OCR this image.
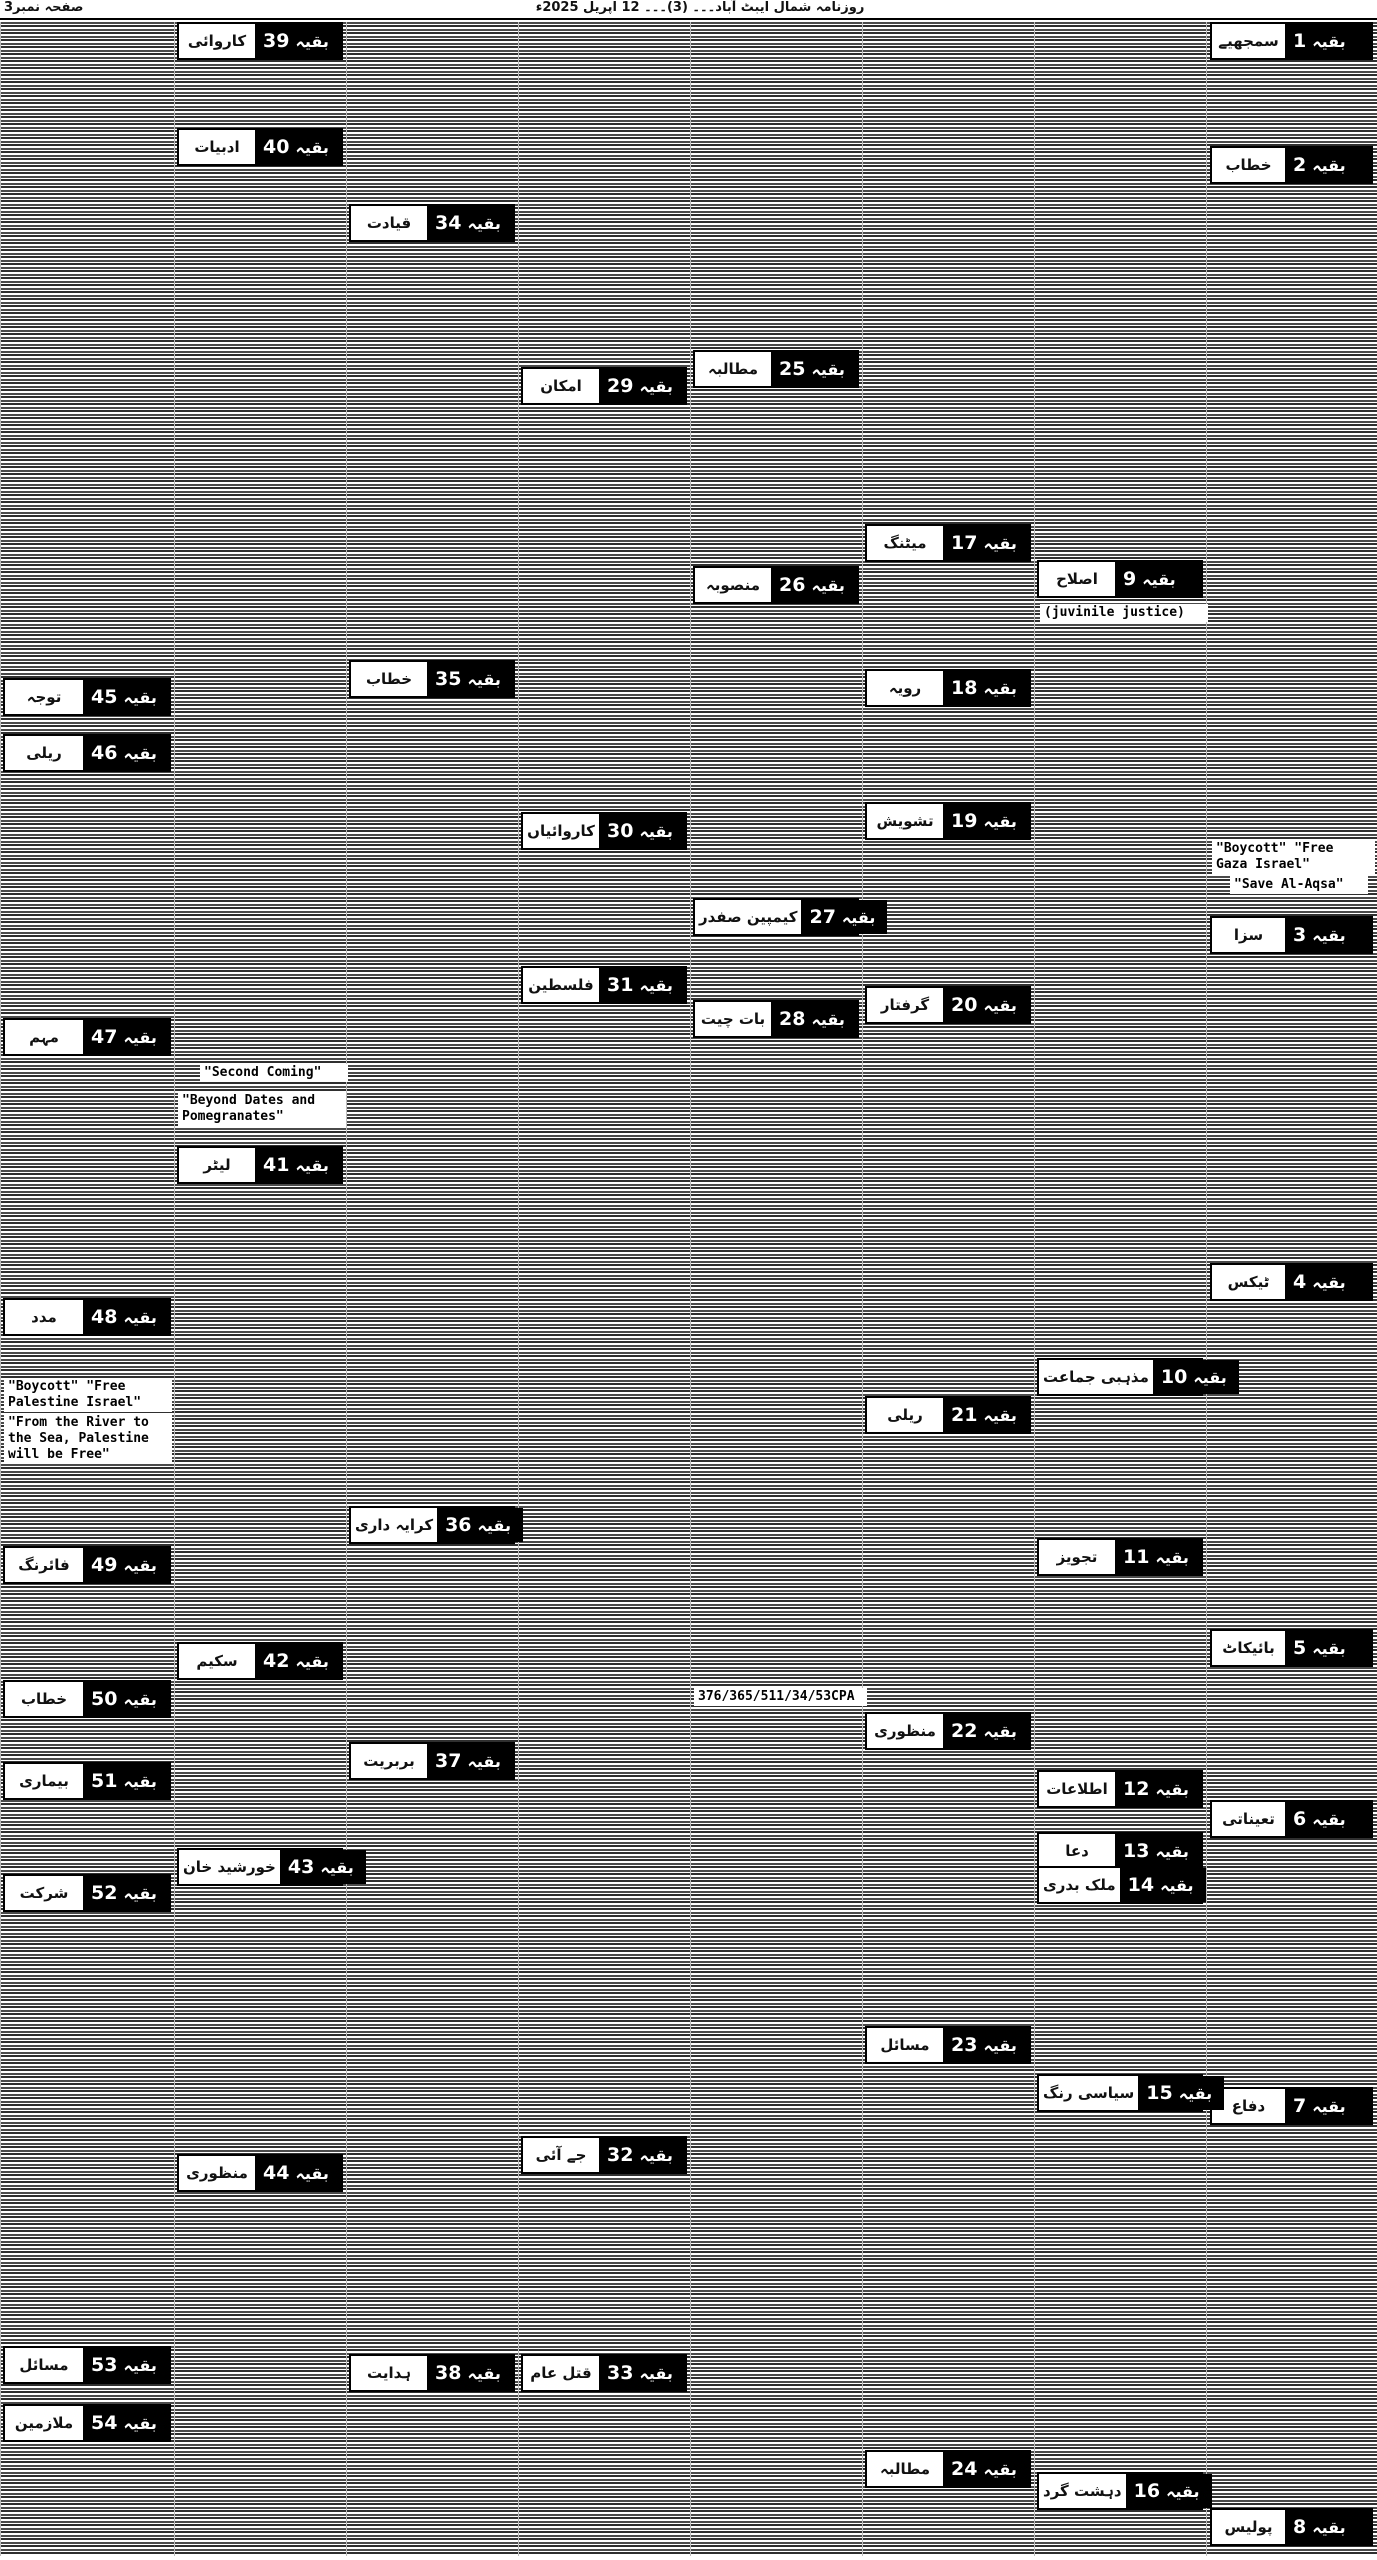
صفحہ نمبر3	روزنامہ شمال ایبٹ آباد۔۔۔ (3)۔۔۔ 12 اپریل 2025ء
سمجھیے	بقیہ
1
خطاب	بقیہ
2
سزا	بقیہ
3
ٹیکس	بقیہ
4
بائیکاٹ	بقیہ
5
تعیناتی	بقیہ
6
دفاع	بقیہ
7
پولیس	بقیہ
8
اصلاح	بقیہ
9
مذہبی جماعت	بقیہ
10
تجویز	بقیہ
11
اطلاعات	بقیہ
12
دعا	بقیہ
13
ملک بدری	بقیہ
14
سیاسی رنگ	بقیہ
15
دہشت گرد	بقیہ
16
میٹنگ	بقیہ
17
رویہ	بقیہ
18
تشویش	بقیہ
19
گرفتار	بقیہ
20
ریلی	بقیہ
21
منظوری	بقیہ
22
مسائل	بقیہ
23
مطالبہ	بقیہ
24
مطالبہ	بقیہ
25
منصوبہ	بقیہ
26
کیمپین صفدر	بقیہ
27
بات چیت	بقیہ
28
امکان	بقیہ
29
کاروائیاں	بقیہ
30
فلسطین	بقیہ
31
جے آئی	بقیہ
32
قتل عام	بقیہ
33
قیادت	بقیہ
34
خطاب	بقیہ
35
کرایہ داری	بقیہ
36
بربریت	بقیہ
37
ہدایت	بقیہ
38
کاروائی	بقیہ
39
ادبیات	بقیہ
40
لیٹر	بقیہ
41
سکیم	بقیہ
42
خورشید خان	بقیہ
43
منظوری	بقیہ
44
توجہ	بقیہ
45
ریلی	بقیہ
46
مہم	بقیہ
47
مدد	بقیہ
48
فائرنگ	بقیہ
49
خطاب	بقیہ
50
بیماری	بقیہ
51
شرکت	بقیہ
52
مسائل	بقیہ
53
ملازمین	بقیہ
54
"Boycott" "Free Gaza Israel"
"Save Al-Aqsa"
"Boycott" "Free Palestine Israel"
"From the River to the Sea, Palestine will be Free"
"Second Coming"
"Beyond Dates and Pomegranates"
(juvinile justice)
376/365/511/34/53CPA
